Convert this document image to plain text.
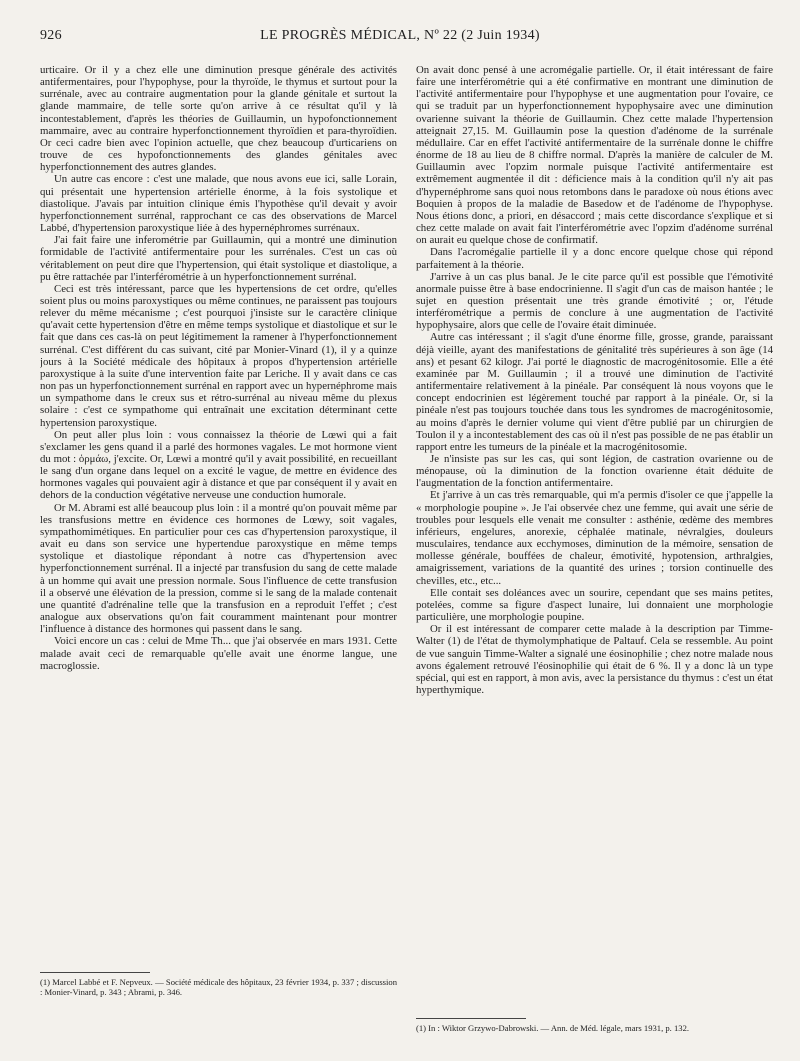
926	LE PROGRÈS MÉDICAL, Nº 22 (2 Juin 1934)

urticaire. Or il y a chez elle une diminution presque générale des activités antifermentaires, pour l'hypophyse, pour la thyroïde, le thymus et surtout pour la surrénale, avec au contraire augmentation pour la glande génitale et surtout la glande mammaire, de telle sorte qu'on arrive à ce résultat qu'il y là incontestablement, d'après les théories de Guillaumin, un hypofonctionnement mammaire, avec au contraire hyperfonctionnement thyroïdien et para-thyroïdien. Or ceci cadre bien avec l'opinion actuelle, que chez beaucoup d'urticariens on trouve de ces hypofonctionnements des glandes génitales avec hyperfonctionnement des autres glandes.

Un autre cas encore : c'est une malade, que nous avons eue ici, salle Lorain, qui présentait une hypertension artérielle énorme, à la fois systolique et diastolique. J'avais par intuition clinique émis l'hypothèse qu'il devait y avoir hyperfonctionnement surrénal, rapprochant ce cas des observations de Marcel Labbé, d'hypertension paroxystique liée à des hypernéphromes surrénaux.

J'ai fait faire une inferométrie par Guillaumin, qui a montré une diminution formidable de l'activité antifermentaire pour les surrénales. C'est un cas où véritablement on peut dire que l'hypertension, qui était systolique et diastolique, a pu être rattachée par l'interférométrie à un hyperfonctionnement surrénal.

Ceci est très intéressant, parce que les hypertensions de cet ordre, qu'elles soient plus ou moins paroxystiques ou même continues, ne paraissent pas toujours relever du même mécanisme ; c'est pourquoi j'insiste sur le caractère clinique qu'avait cette hypertension d'être en même temps systolique et diastolique et sur le fait que dans ces cas-là on peut légitimement la ramener à l'hyperfonctionnement surrénal. C'est différent du cas suivant, cité par Monier-Vinard (1), il y a quinze jours à la Société médicale des hôpitaux à propos d'hypertension artérielle paroxystique à la suite d'une intervention faite par Leriche. Il y avait dans ce cas non pas un hyperfonctionnement surrénal en rapport avec un hypernéphrome mais un sympathome dans le creux sus et rétro-surrénal au niveau même du plexus solaire : c'est ce sympathome qui entraînait une excitation déterminant cette hypertension paroxystique.

On peut aller plus loin : vous connaissez la théorie de Lœwi qui a fait s'exclamer les gens quand il a parlé des hormones vagales. Le mot hormone vient du mot : ὁρμάω, j'excite. Or, Lœwi a montré qu'il y avait possibilité, en recueillant le sang d'un organe dans lequel on a excité le vague, de mettre en évidence des hormones vagales qui pouvaient agir à distance et que par conséquent il y avait en dehors de la conduction végétative nerveuse une conduction humorale.

Or M. Abrami est allé beaucoup plus loin : il a montré qu'on pouvait même par les transfusions mettre en évidence ces hormones de Lœwy, soit vagales, sympathomimétiques. En particulier pour ces cas d'hypertension paroxystique, il avait eu dans son service une hypertendue paroxystique en même temps systolique et diastolique répondant à notre cas d'hypertension avec hyperfonctionnement surrénal. Il a injecté par transfusion du sang de cette malade à un homme qui avait une pression normale. Sous l'influence de cette transfusion il a observé une élévation de la pression, comme si le sang de la malade contenait une quantité d'adrénaline telle que la transfusion en a reproduit l'effet ; c'est analogue aux observations qu'on fait couramment maintenant pour montrer l'influence à distance des hormones qui passent dans le sang.

Voici encore un cas : celui de Mme Th... que j'ai observée en mars 1931. Cette malade avait ceci de remarquable qu'elle avait une énorme langue, une macroglossie.

On avait donc pensé à une acromégalie partielle. Or, il était intéressant de faire faire une interférométrie qui a été confirmative en montrant une diminution de l'activité antifermentaire pour l'hypophyse et une augmentation pour l'ovaire, ce qui se traduit par un hyperfonctionnement hypophysaire avec une diminution ovarienne suivant la théorie de Guillaumin. Chez cette malade l'hypertension atteignait 27,15. M. Guillaumin pose la question d'adénome de la surrénale médullaire. Car en effet l'activité antifermentaire de la surrénale donne le chiffre énorme de 18 au lieu de 8 chiffre normal. D'après la manière de calculer de M. Guillaumin avec l'opzim normale puisque l'activité antifermentaire est extrêmement augmentée il dit : déficience mais à la condition qu'il n'y ait pas d'hypernéphrome sans quoi nous retombons dans le paradoxe où nous étions avec Boquien à propos de la maladie de Basedow et de l'adénome de l'hypophyse. Nous étions donc, a priori, en désaccord ; mais cette discordance s'explique et si chez cette malade on avait fait l'interférométrie avec l'opzim d'adénome surrénal on aurait eu quelque chose de confirmatif.

Dans l'acromégalie partielle il y a donc encore quelque chose qui répond parfaitement à la théorie.

J'arrive à un cas plus banal. Je le cite parce qu'il est possible que l'émotivité anormale puisse être à base endocrinienne. Il s'agit d'un cas de maison hantée ; le sujet en question présentait une très grande émotivité ; or, l'étude interférométrique a permis de conclure à une augmentation de l'activité hypophysaire, alors que celle de l'ovaire était diminuée.

Autre cas intéressant ; il s'agit d'une énorme fille, grosse, grande, paraissant déjà vieille, ayant des manifestations de génitalité très supérieures à son âge (14 ans) et pesant 62 kilogr. J'ai porté le diagnostic de macrogénitosomie. Elle a été examinée par M. Guillaumin ; il a trouvé une diminution de l'activité antifermentaire relativement à la pinéale. Par conséquent là nous voyons que le concept endocrinien est légèrement touché par rapport à la pinéale. Or, si la pinéale n'est pas toujours touchée dans tous les syndromes de macrogénitosomie, au moins d'après le dernier volume qui vient d'être publié par un chirurgien de Toulon il y a incontestablement des cas où il n'est pas possible de ne pas établir un rapport entre les tumeurs de la pinéale et la macrogénitosomie.

Je n'insiste pas sur les cas, qui sont légion, de castration ovarienne ou de ménopause, où la diminution de la fonction ovarienne était déduite de l'augmentation de la fonction antifermentaire.

Et j'arrive à un cas très remarquable, qui m'a permis d'isoler ce que j'appelle la « morphologie poupine ». Je l'ai observée chez une femme, qui avait une série de troubles pour lesquels elle venait me consulter : asthénie, œdème des membres inférieurs, engelures, anorexie, céphalée matinale, névralgies, douleurs musculaires, tendance aux ecchymoses, diminution de la mémoire, sensation de mollesse générale, bouffées de chaleur, émotivité, hypotension, arthralgies, amaigrissement, variations de la quantité des urines ; torsion continuelle des chevilles, etc., etc...

Elle contait ses doléances avec un sourire, cependant que ses mains petites, potelées, comme sa figure d'aspect lunaire, lui donnaient une morphologie particulière, une morphologie poupine.

Or il est intéressant de comparer cette malade à la description par Timme-Walter (1) de l'état de thymolymphatique de Paltauf. Cela se ressemble. Au point de vue sanguin Timme-Walter a signalé une éosinophilie ; chez notre malade nous avons également retrouvé l'éosinophilie qui était de 6 %. Il y a donc là un type spécial, qui est en rapport, à mon avis, avec la persistance du thymus : c'est un état hyperthymique.

(1) Marcel Labbé et F. Nepveux. — Société médicale des hôpitaux, 23 février 1934, p. 337 ; discussion : Monier-Vinard, p. 343 ; Abrami, p. 346.
(1) In : Wiktor Grzywo-Dabrowski. — Ann. de Méd. légale, mars 1931, p. 132.
